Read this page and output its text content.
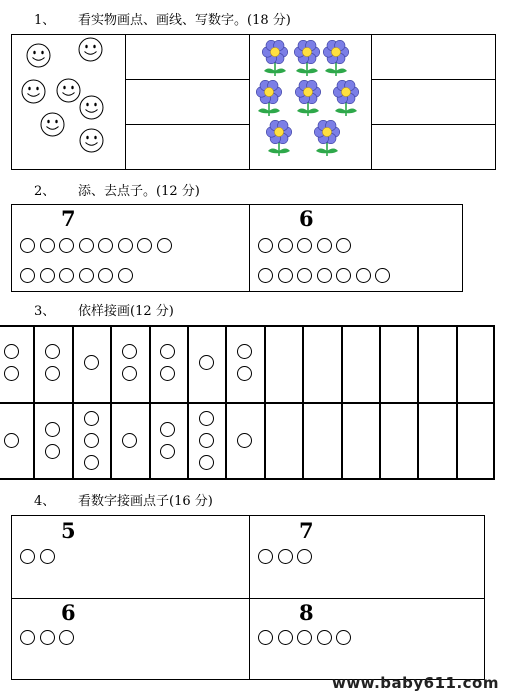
1、 看实物画点、画线、写数字。(18 分)
2、 添、去点子。(12 分)
7	6
3、 依样接画(12 分)
4、 看数字接画点子(16 分)
5	7
6	8
www.baby611.com
